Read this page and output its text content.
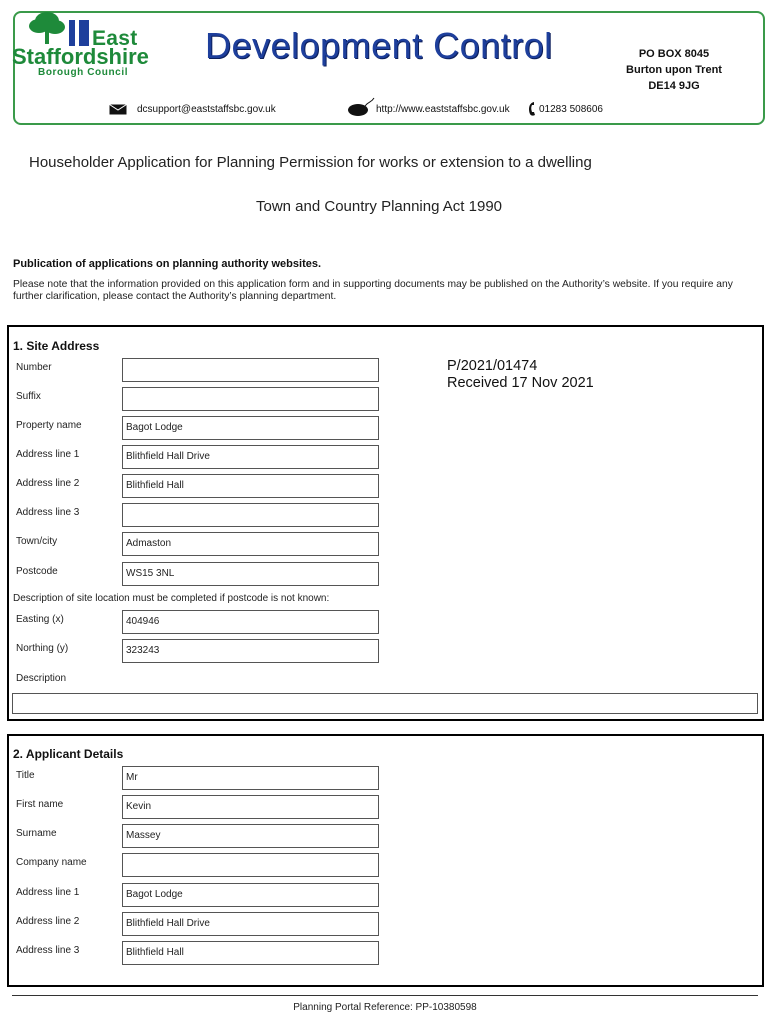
East
Staffordshire
Borough Council
Development Control	PO BOX 8045
Burton upon Trent
DE14 9JG
dcsupport@eaststaffsbc.gov.uk	http://www.eaststaffsbc.gov.uk	01283 508606
Householder Application for Planning Permission for works or extension to a dwelling
Town and Country Planning Act 1990
Publication of applications on planning authority websites.
Please note that the information provided on this application form and in supporting documents may be published on the Authority’s website. If you require any further clarification, please contact the Authority’s planning department.
1. Site Address
Number
Suffix
Property name	Bagot Lodge
Address line 1	Blithfield Hall Drive
Address line 2	Blithfield Hall
Address line 3
Town/city	Admaston
Postcode	WS15 3NL
P/2021/01474
Received 17 Nov 2021
Description of site location must be completed if postcode is not known:
Easting (x)	404946
Northing (y)	323243
Description
2. Applicant Details
Title	Mr
First name	Kevin
Surname	Massey
Company name
Address line 1	Bagot Lodge
Address line 2	Blithfield Hall Drive
Address line 3	Blithfield Hall
Planning Portal Reference: PP-10380598
